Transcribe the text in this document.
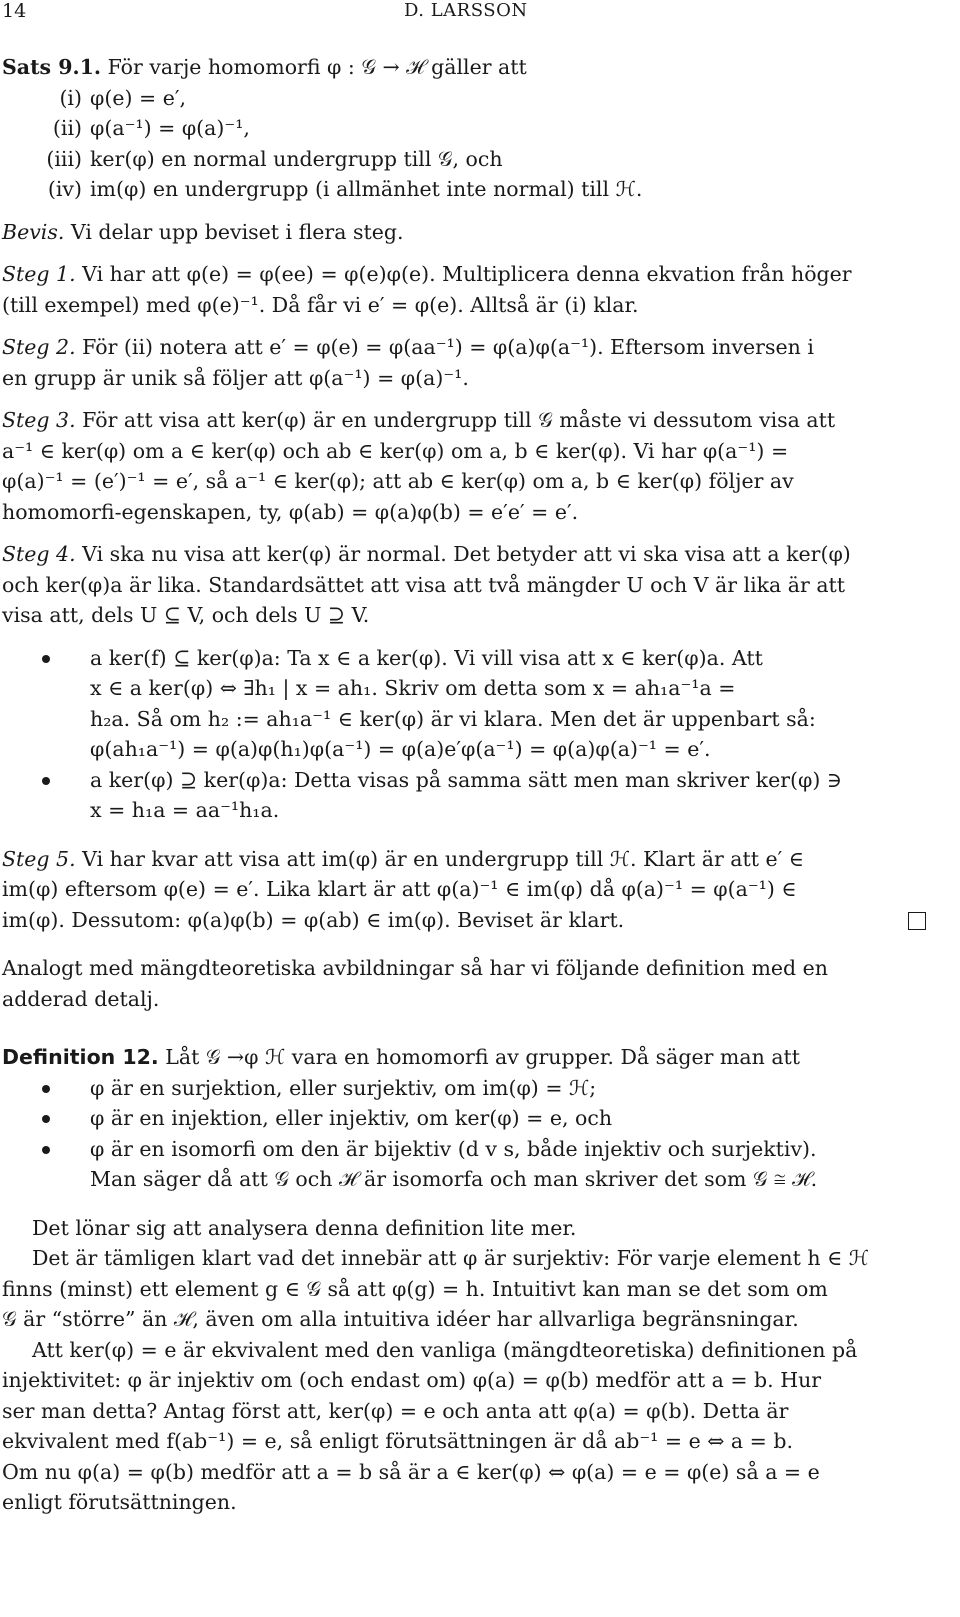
14	D. LARSSON

Sats 9.1. För varje homomorfi φ : 𝒢 → ℋ gäller att

(i) φ(e) = e′,
(ii) φ(a⁻¹) = φ(a)⁻¹,
(iii) ker(φ) en normal undergrupp till 𝒢, och
(iv) im(φ) en undergrupp (i allmänhet inte normal) till ℋ.

Bevis. Vi delar upp beviset i flera steg.

Steg 1. Vi har att φ(e) = φ(ee) = φ(e)φ(e). Multiplicera denna ekvation från höger

(till exempel) med φ(e)⁻¹. Då får vi e′ = φ(e). Alltså är (i) klar.

Steg 2. För (ii) notera att e′ = φ(e) = φ(aa⁻¹) = φ(a)φ(a⁻¹). Eftersom inversen i

en grupp är unik så följer att φ(a⁻¹) = φ(a)⁻¹.

Steg 3. För att visa att ker(φ) är en undergrupp till 𝒢 måste vi dessutom visa att

a⁻¹ ∈ ker(φ) om a ∈ ker(φ) och ab ∈ ker(φ) om a, b ∈ ker(φ). Vi har φ(a⁻¹) =

φ(a)⁻¹ = (e′)⁻¹ = e′, så a⁻¹ ∈ ker(φ); att ab ∈ ker(φ) om a, b ∈ ker(φ) följer av

homomorfi-egenskapen, ty, φ(ab) = φ(a)φ(b) = e′e′ = e′.

Steg 4. Vi ska nu visa att ker(φ) är normal. Det betyder att vi ska visa att a ker(φ)

och ker(φ)a är lika. Standardsättet att visa att två mängder U och V är lika är att

visa att, dels U ⊆ V, och dels U ⊇ V.

a ker(f) ⊆ ker(φ)a: Ta x ∈ a ker(φ). Vi vill visa att x ∈ ker(φ)a. Att
x ∈ a ker(φ) ⇔ ∃h₁ | x = ah₁. Skriv om detta som x = ah₁a⁻¹a =
h₂a. Så om h₂ := ah₁a⁻¹ ∈ ker(φ) är vi klara. Men det är uppenbart så:
φ(ah₁a⁻¹) = φ(a)φ(h₁)φ(a⁻¹) = φ(a)e′φ(a⁻¹) = φ(a)φ(a)⁻¹ = e′.
a ker(φ) ⊇ ker(φ)a: Detta visas på samma sätt men man skriver ker(φ) ∋
x = h₁a = aa⁻¹h₁a.

Steg 5. Vi har kvar att visa att im(φ) är en undergrupp till ℋ. Klart är att e′ ∈

im(φ) eftersom φ(e) = e′. Lika klart är att φ(a)⁻¹ ∈ im(φ) då φ(a)⁻¹ = φ(a⁻¹) ∈

im(φ). Dessutom: φ(a)φ(b) = φ(ab) ∈ im(φ). Beviset är klart.

Analogt med mängdteoretiska avbildningar så har vi följande definition med en

adderad detalj.

Definition 12. Låt 𝒢 →φ ℋ vara en homomorfi av grupper. Då säger man att

φ är en surjektion, eller surjektiv, om im(φ) = ℋ;
φ är en injektion, eller injektiv, om ker(φ) = e, och
φ är en isomorfi om den är bijektiv (d v s, både injektiv och surjektiv).
Man säger då att 𝒢 och ℋ är isomorfa och man skriver det som 𝒢 ≅ ℋ.

Det lönar sig att analysera denna definition lite mer.

Det är tämligen klart vad det innebär att φ är surjektiv: För varje element h ∈ ℋ

finns (minst) ett element g ∈ 𝒢 så att φ(g) = h. Intuitivt kan man se det som om

𝒢 är “större” än ℋ, även om alla intuitiva idéer har allvarliga begränsningar.

Att ker(φ) = e är ekvivalent med den vanliga (mängdteoretiska) definitionen på

injektivitet: φ är injektiv om (och endast om) φ(a) = φ(b) medför att a = b. Hur

ser man detta? Antag först att, ker(φ) = e och anta att φ(a) = φ(b). Detta är

ekvivalent med f(ab⁻¹) = e, så enligt förutsättningen är då ab⁻¹ = e ⇔ a = b.

Om nu φ(a) = φ(b) medför att a = b så är a ∈ ker(φ) ⇔ φ(a) = e = φ(e) så a = e

enligt förutsättningen.
